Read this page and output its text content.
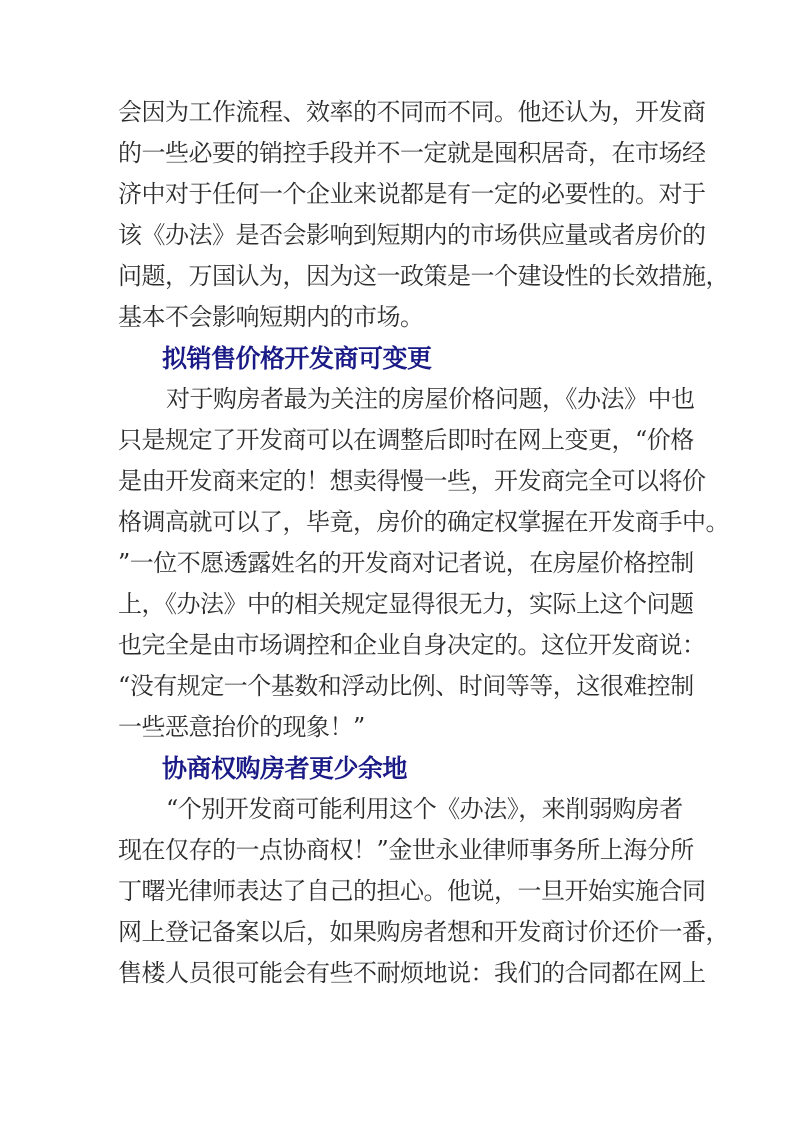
会因为工作流程、效率的不同而不同。他还认为，开发商
的一些必要的销控手段并不一定就是囤积居奇，在市场经
济中对于任何一个企业来说都是有一定的必要性的。对于
该《办法》是否会影响到短期内的市场供应量或者房价的
问题，万国认为，因为这一政策是一个建设性的长效措施，
基本不会影响短期内的市场。
拟销售价格开发商可变更
对于购房者最为关注的房屋价格问题，《办法》中也
只是规定了开发商可以在调整后即时在网上变更，“价格
是由开发商来定的！想卖得慢一些，开发商完全可以将价
格调高就可以了，毕竟，房价的确定权掌握在开发商手中。
”一位不愿透露姓名的开发商对记者说，在房屋价格控制
上，《办法》中的相关规定显得很无力，实际上这个问题
也完全是由市场调控和企业自身决定的。这位开发商说：
“没有规定一个基数和浮动比例、时间等等，这很难控制
一些恶意抬价的现象！”
协商权购房者更少余地
“个别开发商可能利用这个《办法》，来削弱购房者
现在仅存的一点协商权！”金世永业律师事务所上海分所
丁曙光律师表达了自己的担心。他说，一旦开始实施合同
网上登记备案以后，如果购房者想和开发商讨价还价一番，
售楼人员很可能会有些不耐烦地说：我们的合同都在网上
